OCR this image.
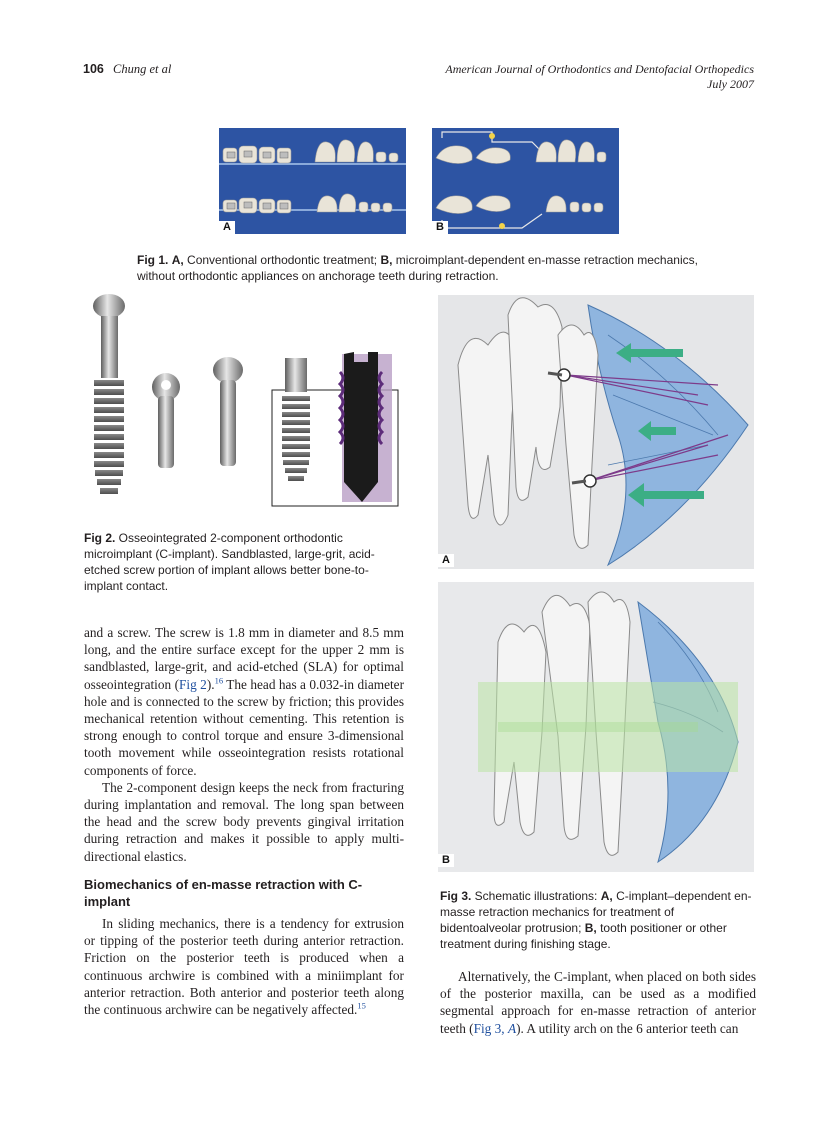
106 Chung et al	American Journal of Orthodontics and Dentofacial Orthopedics
July 2007
A	B
Fig 1. A, Conventional orthodontic treatment; B, microimplant-dependent en-masse retraction mechanics, without orthodontic appliances on anchorage teeth during retraction.
Fig 2. Osseointegrated 2-component orthodontic microimplant (C-implant). Sandblasted, large-grit, acid-etched screw portion of implant allows better bone-to-implant contact.
A
B
Fig 3. Schematic illustrations: A, C-implant–dependent en-masse retraction mechanics for treatment of bidentoalveolar protrusion; B, tooth positioner or other treatment during finishing stage.

and a screw. The screw is 1.8 mm in diameter and 8.5 mm long, and the entire surface except for the upper 2 mm is sandblasted, large-grit, and acid-etched (SLA) for optimal osseointegration (Fig 2).$^{16}$ The head has a 0.032-in diameter hole and is connected to the screw by friction; this provides mechanical retention without cementing. This retention is strong enough to control torque and ensure 3-dimensional tooth movement while osseointegration resists rotational components of force.

The 2-component design keeps the neck from fracturing during implantation and removal. The long span between the head and the screw body prevents gingival irritation during retraction and makes it possible to apply multi-directional elastics.

Biomechanics of en-masse retraction with C-implant

In sliding mechanics, there is a tendency for extrusion or tipping of the posterior teeth during anterior retraction. Friction on the posterior teeth is produced when a continuous archwire is combined with a miniimplant for anterior retraction. Both anterior and posterior teeth along the continuous archwire can be negatively affected.$^{15}$

Alternatively, the C-implant, when placed on both sides of the posterior maxilla, can be used as a modified segmental approach for en-masse retraction of anterior teeth (Fig 3, A). A utility arch on the 6 anterior teeth can
